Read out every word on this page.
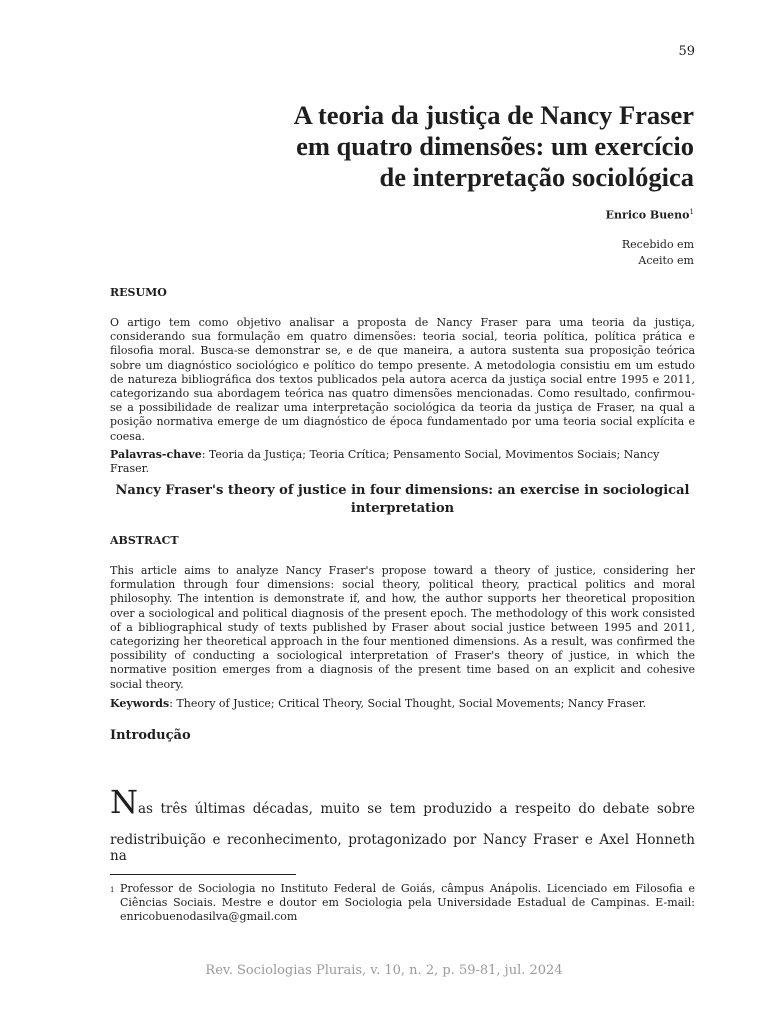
59
A teoria da justiça de Nancy Fraser
em quatro dimensões: um exercício
de interpretação sociológica
Enrico Bueno$^1$
Recebido em
Aceito em
RESUMO
O artigo tem como objetivo analisar a proposta de Nancy Fraser para uma teoria da justiça, considerando sua formulação em quatro dimensões: teoria social, teoria política, política prática e filosofia moral. Busca-se demonstrar se, e de que maneira, a autora sustenta sua proposição teórica sobre um diagnóstico sociológico e político do tempo presente. A metodologia consistiu em um estudo de natureza bibliográfica dos textos publicados pela autora acerca da justiça social entre 1995 e 2011, categorizando sua abordagem teórica nas quatro dimensões mencionadas. Como resultado, confirmou-se a possibilidade de realizar uma interpretação sociológica da teoria da justiça de Fraser, na qual a posição normativa emerge de um diagnóstico de época fundamentado por uma teoria social explícita e coesa.
Palavras-chave: Teoria da Justiça; Teoria Crítica; Pensamento Social, Movimentos Sociais; Nancy Fraser.
Nancy Fraser's theory of justice in four dimensions: an exercise in sociological interpretation
ABSTRACT
This article aims to analyze Nancy Fraser's propose toward a theory of justice, considering her formulation through four dimensions: social theory, political theory, practical politics and moral philosophy. The intention is demonstrate if, and how, the author supports her theoretical proposition over a sociological and political diagnosis of the present epoch. The methodology of this work consisted of a bibliographical study of texts published by Fraser about social justice between 1995 and 2011, categorizing her theoretical approach in the four mentioned dimensions. As a result, was confirmed the possibility of conducting a sociological interpretation of Fraser's theory of justice, in which the normative position emerges from a diagnosis of the present time based on an explicit and cohesive social theory.
Keywords: Theory of Justice; Critical Theory, Social Thought, Social Movements; Nancy Fraser.
Introdução
Nas três últimas décadas, muito se tem produzido a respeito do debate sobre
redistribuição e reconhecimento, protagonizado por Nancy Fraser e Axel Honneth na
1 Professor de Sociologia no Instituto Federal de Goiás, câmpus Anápolis. Licenciado em Filosofia e Ciências Sociais. Mestre e doutor em Sociologia pela Universidade Estadual de Campinas. E-mail: enricobuenodasilva@gmail.com
Rev. Sociologias Plurais, v. 10, n. 2, p. 59-81, jul. 2024
